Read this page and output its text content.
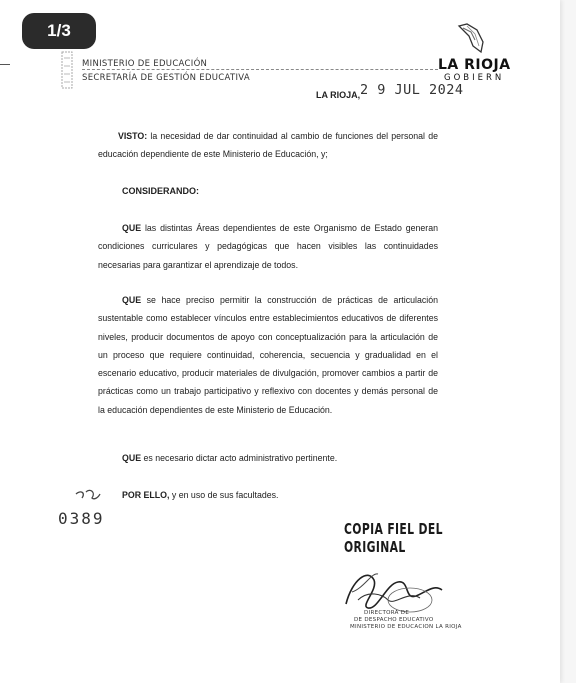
MINISTERIO DE EDUCACIÓN
SECRETARÍA DE GESTIÓN EDUCATIVA
LA RIOJA
GOBIERN
LA RIOJA, 2 9 JUL 2024
VISTO: la necesidad de dar continuidad al cambio de funciones del personal de educación dependiente de este Ministerio de Educación, y;
CONSIDERANDO:
QUE las distintas Áreas dependientes de este Organismo de Estado generan condiciones curriculares y pedagógicas que hacen visibles las continuidades necesarias para garantizar el aprendizaje de todos.
QUE se hace preciso permitir la construcción de prácticas de articulación sustentable como establecer vínculos entre establecimientos educativos de diferentes niveles, producir documentos de apoyo con conceptualización para la articulación de un proceso que requiere continuidad, coherencia, secuencia y gradualidad en el escenario educativo, producir materiales de divulgación, promover cambios a partir de prácticas como un trabajo participativo y reflexivo con docentes y demás personal de la educación dependientes de este Ministerio de Educación.
QUE es necesario dictar acto administrativo pertinente.
POR ELLO, y en uso de sus facultades.
0389
COPIA FIEL DEL ORIGINAL
DIRECTORA DE
DE DESPACHO EDUCATIVO
MINISTERIO DE EDUCACION LA RIOJA
1/3
